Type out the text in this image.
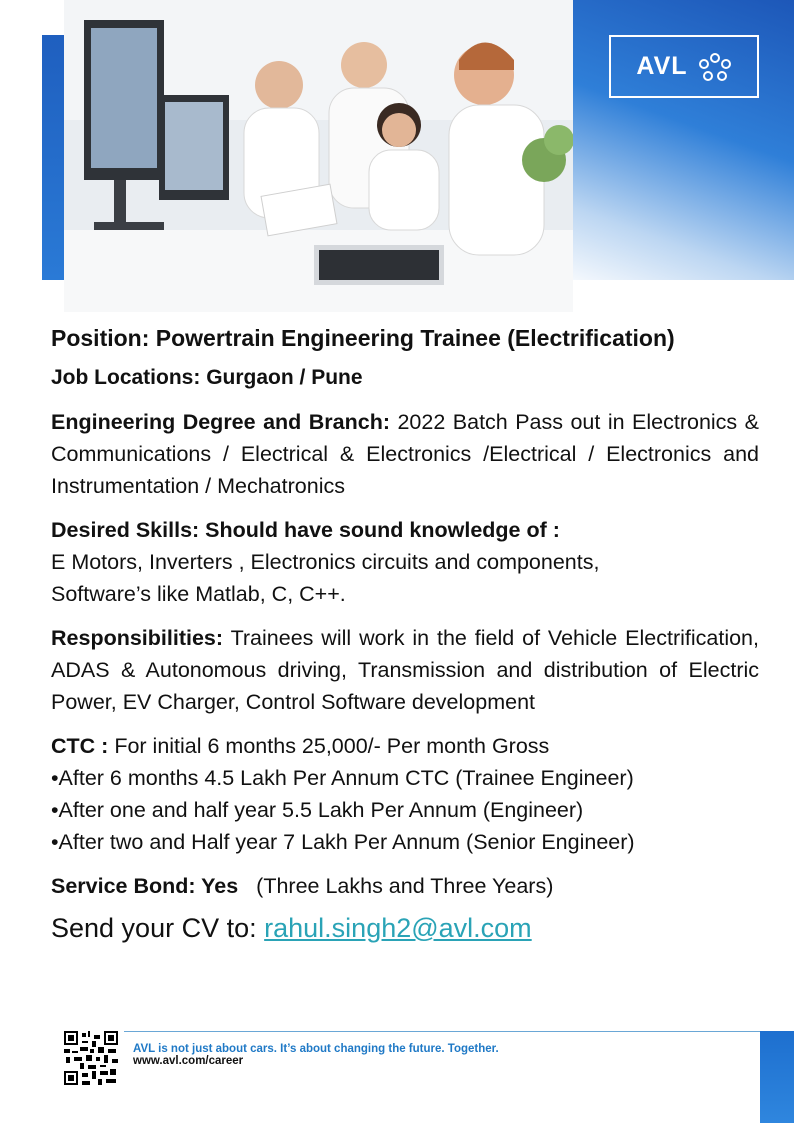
AVL

Position: Powertrain Engineering Trainee (Electrification)

Job Locations: Gurgaon / Pune

Engineering Degree and Branch: 2022 Batch Pass out in Electronics & Communications / Electrical & Electronics /Electrical / Electronics and Instrumentation / Mechatronics

Desired Skills: Should have sound knowledge of :

E Motors, Inverters , Electronics circuits and components,

Software’s like Matlab, C, C++.

Responsibilities: Trainees will work in the field of Vehicle Electrification, ADAS & Autonomous driving, Transmission and distribution of Electric Power, EV Charger, Control Software development

CTC : For initial 6 months 25,000/- Per month Gross

•After 6 months 4.5 Lakh Per Annum CTC (Trainee Engineer)

•After one and half year 5.5 Lakh Per Annum (Engineer)

•After two and Half year 7 Lakh Per Annum (Senior Engineer)

Service Bond: Yes (Three Lakhs and Three Years)

Send your CV to: rahul.singh2@avl.com

AVL is not just about cars. It’s about changing the future. Together.
www.avl.com/career
